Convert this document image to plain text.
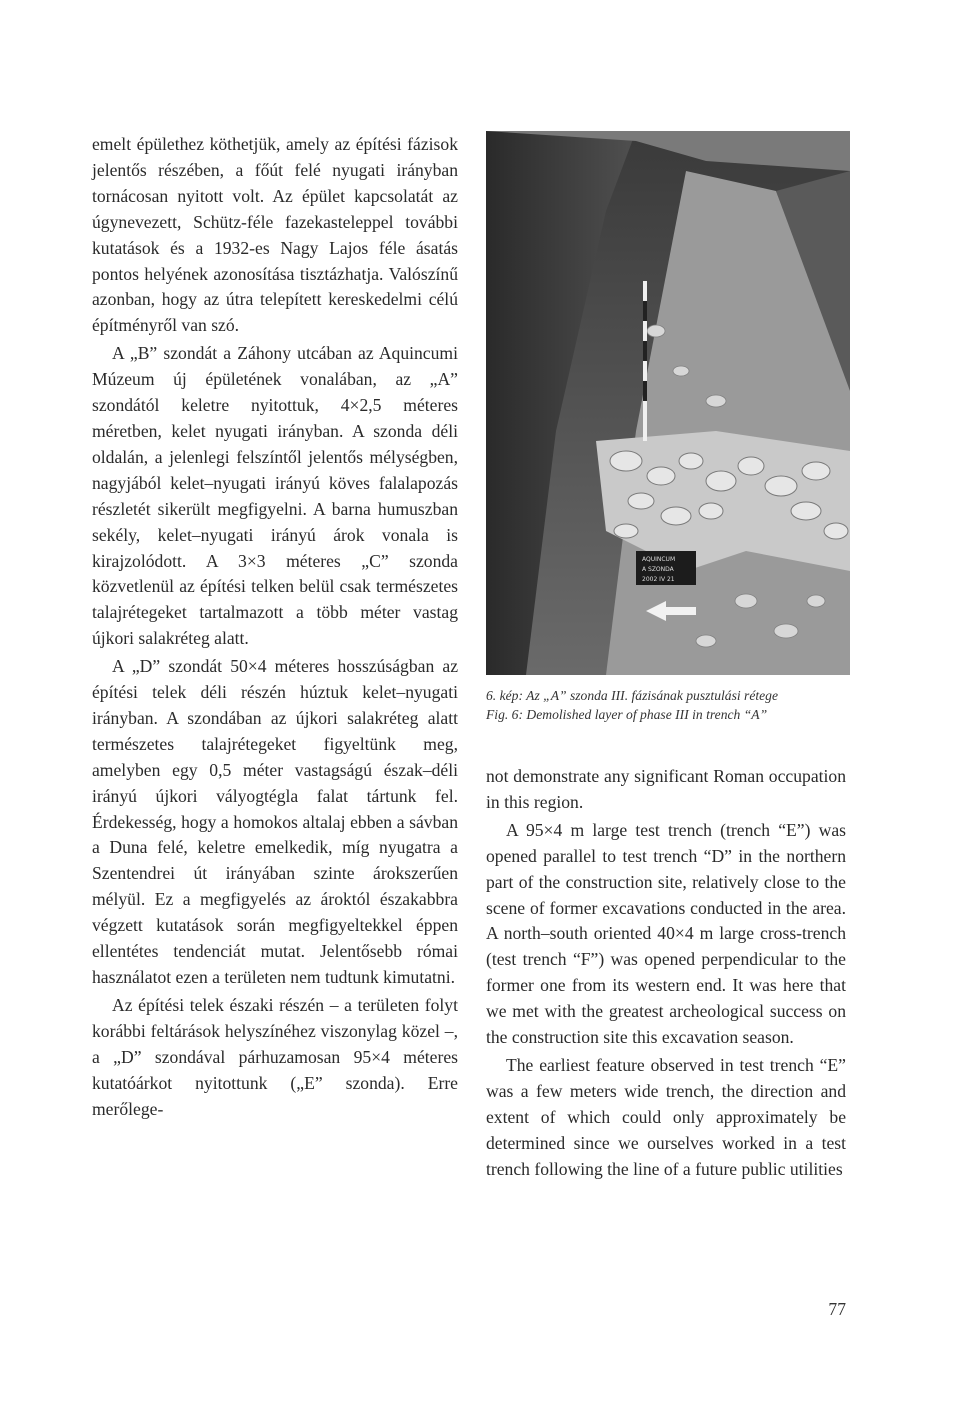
emelt épülethez köthetjük, amely az építési fázisok jelentős részében, a főút felé nyugati irányban tornácosan nyitott volt. Az épület kapcsolatát az úgynevezett, Schütz-féle fazekasteleppel további kutatások és a 1932-es Nagy Lajos féle ásatás pontos helyének azonosítása tisztázhatja. Valószínű azonban, hogy az útra telepített kereskedelmi célú építményről van szó.

A „B” szondát a Záhony utcában az Aquincumi Múzeum új épületének vonalában, az „A” szondától keletre nyitottuk, 4×2,5 méteres méretben, kelet nyugati irányban. A szonda déli oldalán, a jelenlegi felszíntől jelentős mélységben, nagyjából kelet–nyugati irányú köves falalapozás részletét sikerült megfigyelni. A barna humuszban sekély, kelet–nyugati irányú árok vonala is kirajzolódott. A 3×3 méteres „C” szonda közvetlenül az építési telken belül csak természetes talajrétegeket tartalmazott a több méter vastag újkori salakréteg alatt.

A „D” szondát 50×4 méteres hosszúságban az építési telek déli részén húztuk kelet–nyugati irányban. A szondában az újkori salakréteg alatt természetes talajrétegeket figyeltünk meg, amelyben egy 0,5 méter vastagságú észak–déli irányú újkori vályogtégla falat tártunk fel. Érdekesség, hogy a homokos altalaj ebben a sávban a Duna felé, keletre emelkedik, míg nyugatra a Szentendrei út irányában szinte árokszerűen mélyül. Ez a megfigyelés az ároktól északabbra végzett kutatások során megfigyeltekkel éppen ellentétes tendenciát mutat. Jelentősebb római használatot ezen a területen nem tudtunk kimutatni.

Az építési telek északi részén – a területen folyt korábbi feltárások helyszínéhez viszonylag közel –, a „D” szondával párhuzamosan 95×4 méteres kutatóárkot nyitottunk („E” szonda). Erre merőlege-

AQUINCUM
A SZONDA
2002 IV 21
6. kép: Az „A” szonda III. fázisának pusztulási rétege
Fig. 6: Demolished layer of phase III in trench “A”

not demonstrate any significant Roman occupation in this region.

A 95×4 m large test trench (trench “E”) was opened parallel to test trench “D” in the northern part of the construction site, relatively close to the scene of former excavations conducted in the area. A north–south oriented 40×4 m large cross-trench (test trench “F”) was opened perpendicular to the former one from its western end. It was here that we met with the greatest archeological success on the construction site this excavation season.

The earliest feature observed in test trench “E” was a few meters wide trench, the direction and extent of which could only approximately be determined since we ourselves worked in a test trench following the line of a future public utilities

77
